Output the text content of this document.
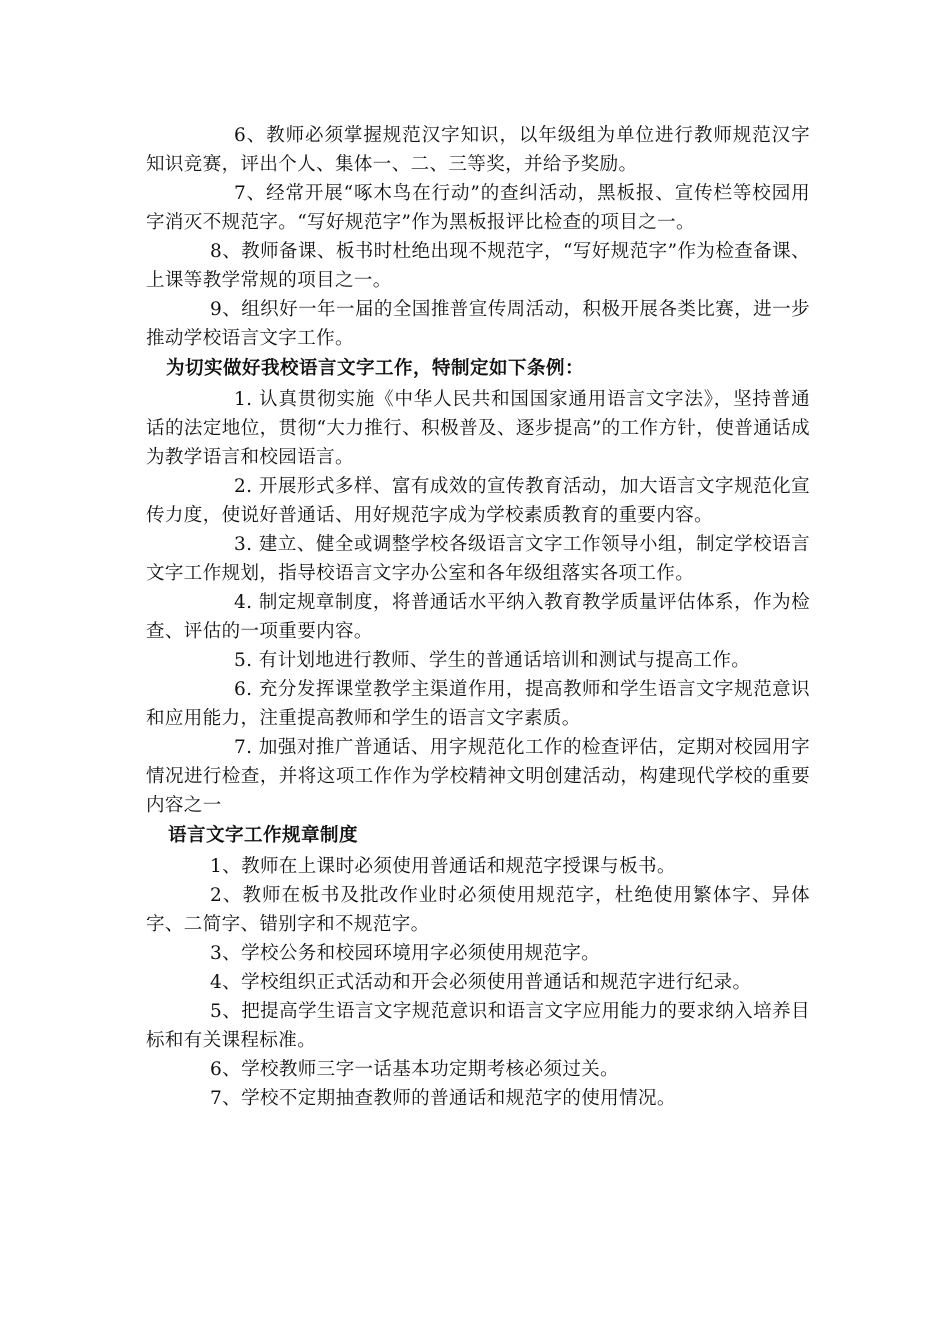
6、教师必须掌握规范汉字知识，以年级组为单位进行教师规范汉字知识竞赛，评出个人、集体一、二、三等奖，并给予奖励。

7、经常开展“啄木鸟在行动”的查纠活动，黑板报、宣传栏等校园用字消灭不规范字。“写好规范字”作为黑板报评比检查的项目之一。

8、教师备课、板书时杜绝出现不规范字，“写好规范字”作为检查备课、上课等教学常规的项目之一。

9、组织好一年一届的全国推普宣传周活动，积极开展各类比赛，进一步推动学校语言文字工作。

为切实做好我校语言文字工作，特制定如下条例：

1. 认真贯彻实施《中华人民共和国国家通用语言文字法》，坚持普通话的法定地位，贯彻“大力推行、积极普及、逐步提高”的工作方针，使普通话成为教学语言和校园语言。

2. 开展形式多样、富有成效的宣传教育活动，加大语言文字规范化宣传力度，使说好普通话、用好规范字成为学校素质教育的重要内容。

3. 建立、健全或调整学校各级语言文字工作领导小组，制定学校语言文字工作规划，指导校语言文字办公室和各年级组落实各项工作。

4. 制定规章制度，将普通话水平纳入教育教学质量评估体系，作为检查、评估的一项重要内容。

5. 有计划地进行教师、学生的普通话培训和测试与提高工作。

6. 充分发挥课堂教学主渠道作用，提高教师和学生语言文字规范意识和应用能力，注重提高教师和学生的语言文字素质。

7. 加强对推广普通话、用字规范化工作的检查评估，定期对校园用字情况进行检查，并将这项工作作为学校精神文明创建活动，构建现代学校的重要内容之一

语言文字工作规章制度

1、教师在上课时必须使用普通话和规范字授课与板书。

2、教师在板书及批改作业时必须使用规范字，杜绝使用繁体字、异体字、二简字、错别字和不规范字。

3、学校公务和校园环境用字必须使用规范字。

4、学校组织正式活动和开会必须使用普通话和规范字进行纪录。

5、把提高学生语言文字规范意识和语言文字应用能力的要求纳入培养目标和有关课程标准。

6、学校教师三字一话基本功定期考核必须过关。

7、学校不定期抽查教师的普通话和规范字的使用情况。
